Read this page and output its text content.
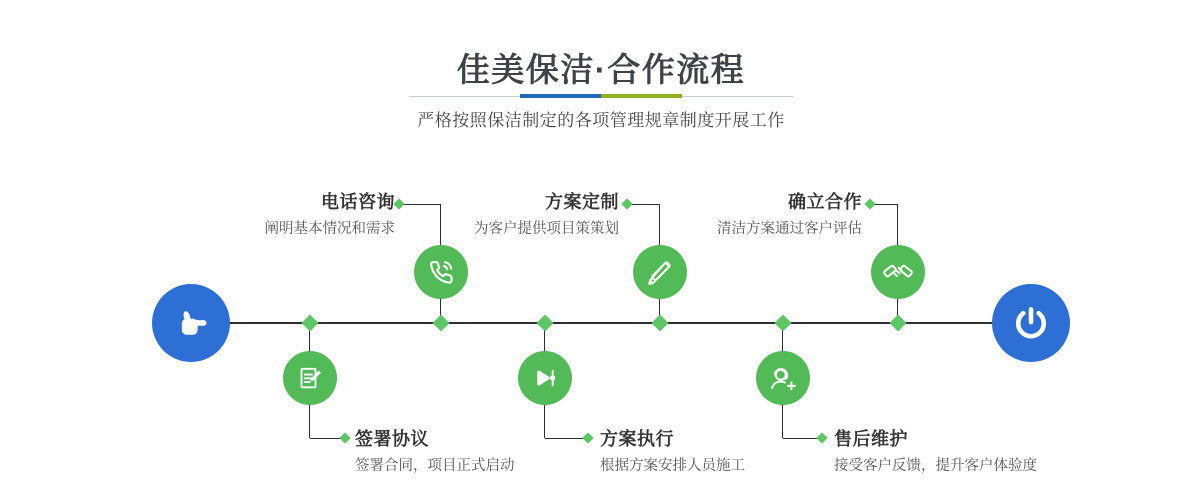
佳美保洁·合作流程
严格按照保洁制定的各项管理规章制度开展工作
电话咨询
阐明基本情况和需求
方案定制
为客户提供项目策策划
确立合作
清洁方案通过客户评估
签署协议
签署合同，项目正式启动
方案执行
根据方案安排人员施工
售后维护
接受客户反馈，提升客户体验度
